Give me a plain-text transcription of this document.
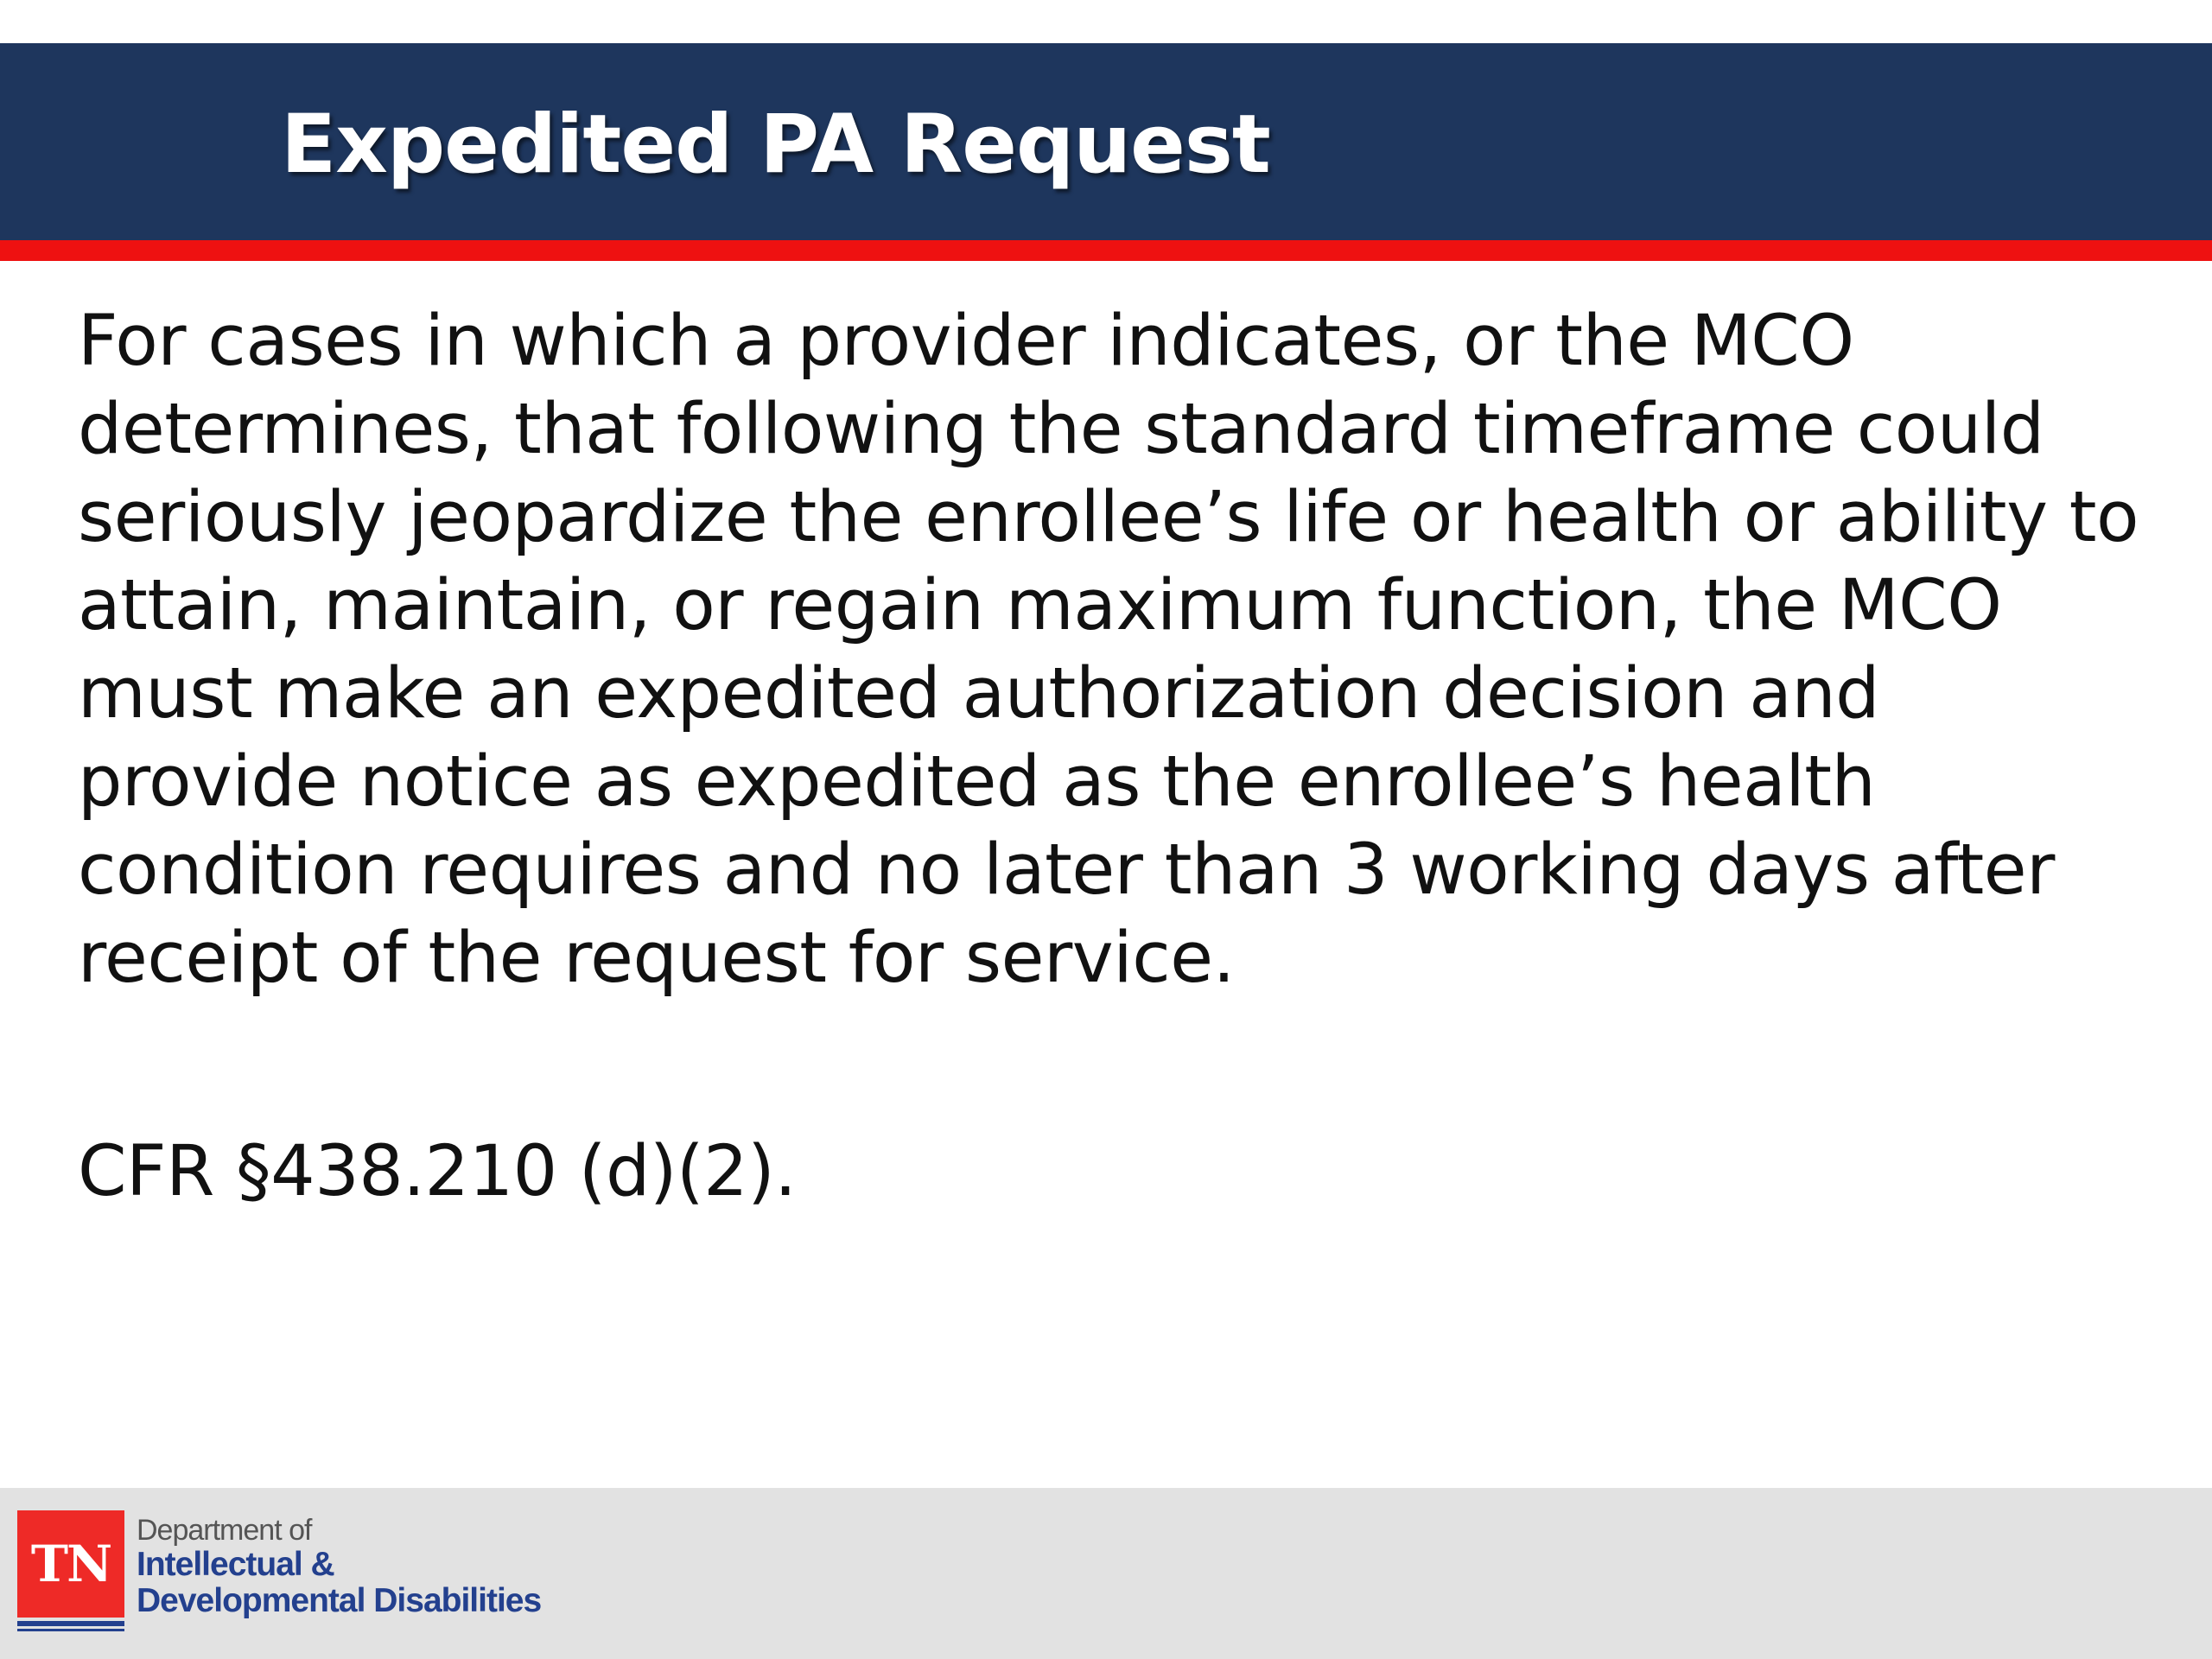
Expedited PA Request

For cases in which a provider indicates, or the MCO
determines, that following the standard timeframe could
seriously jeopardize the enrollee’s life or health or ability to
attain, maintain, or regain maximum function, the MCO
must make an expedited authorization decision and
provide notice as expedited as the enrollee’s health
condition requires and no later than 3 working days after
receipt of the request for service.

CFR §438.210 (d)(2).

TN
Department of
Intellectual &
Developmental Disabilities
